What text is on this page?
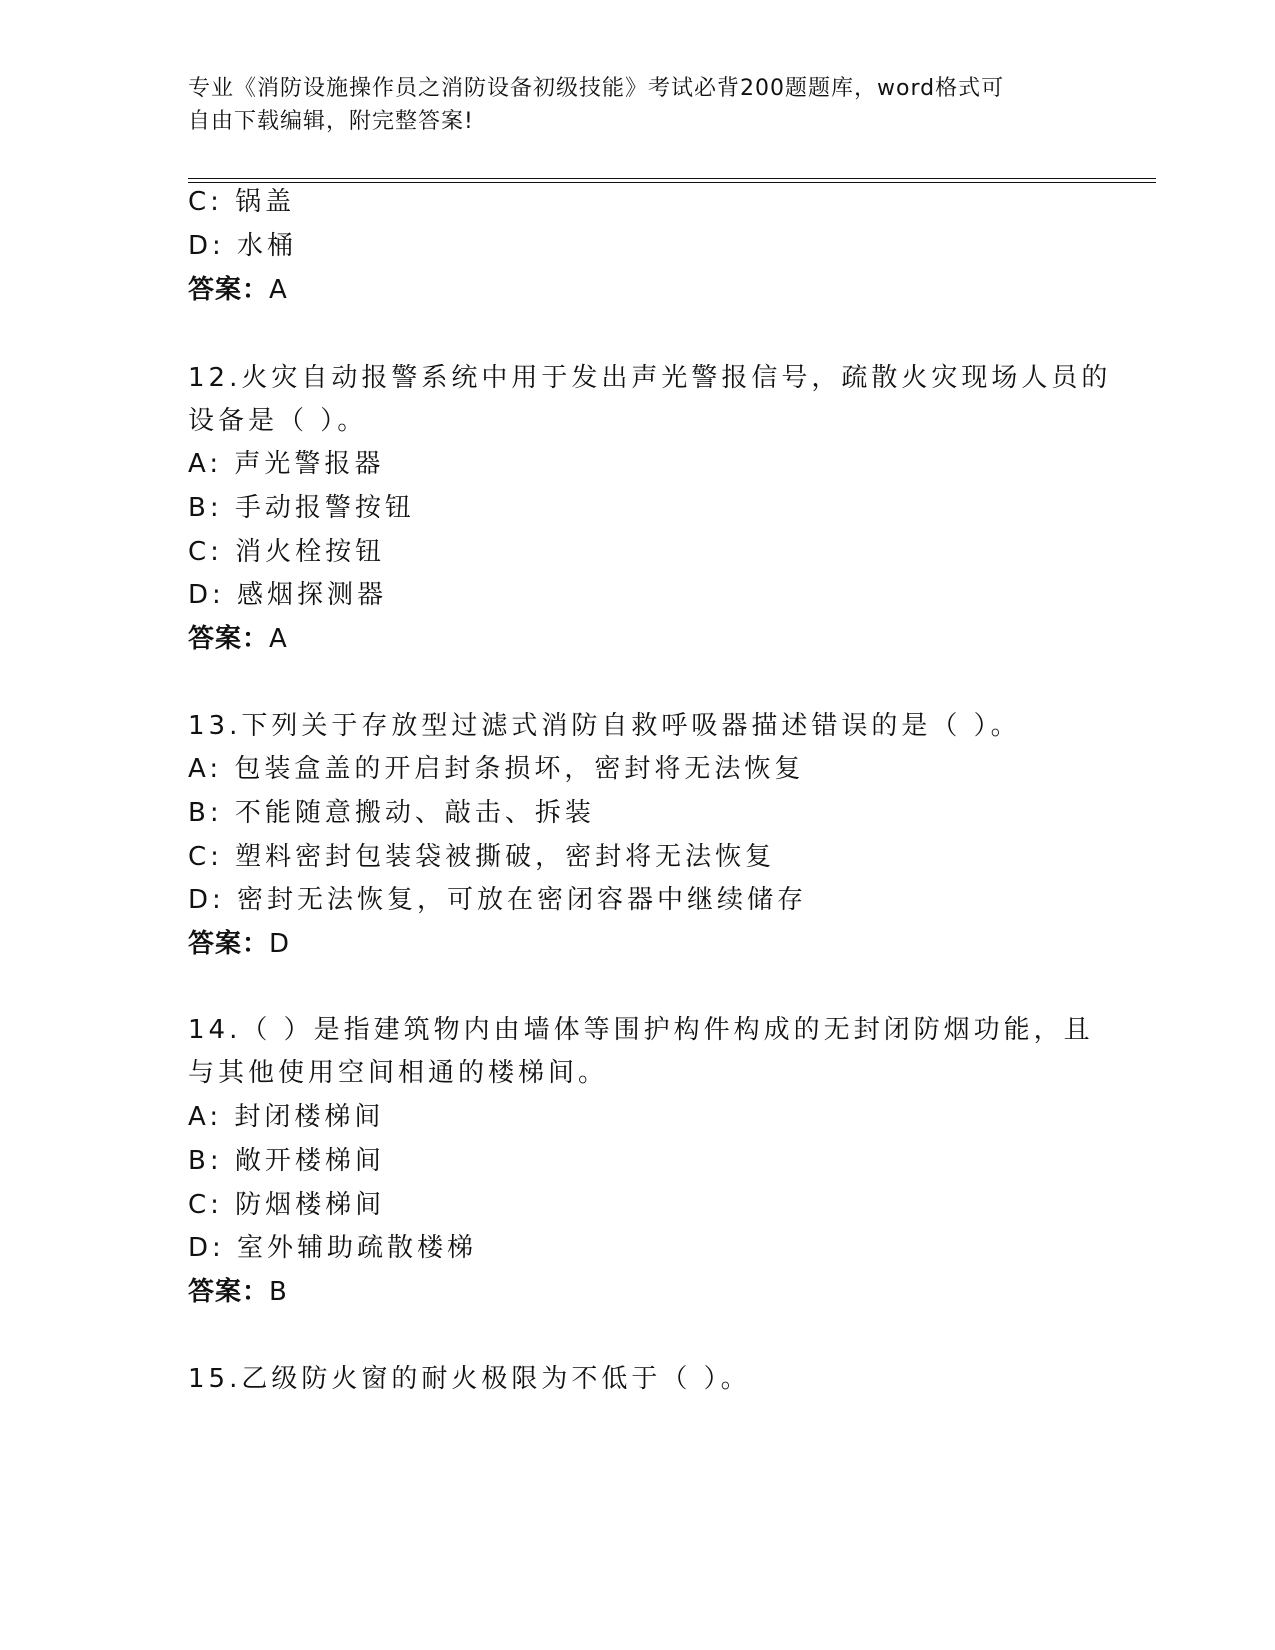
专业《消防设施操作员之消防设备初级技能》考试必背200题题库，word格式可
自由下载编辑，附完整答案!
C: 锅盖
D: 水桶
答案：A
12.火灾自动报警系统中用于发出声光警报信号，疏散火灾现场人员的
设备是（ ）。
A: 声光警报器
B: 手动报警按钮
C: 消火栓按钮
D: 感烟探测器
答案：A
13.下列关于存放型过滤式消防自救呼吸器描述错误的是（ ）。
A: 包装盒盖的开启封条损坏，密封将无法恢复
B: 不能随意搬动、敲击、拆装
C: 塑料密封包装袋被撕破，密封将无法恢复
D: 密封无法恢复，可放在密闭容器中继续储存
答案：D
14.（ ）是指建筑物内由墙体等围护构件构成的无封闭防烟功能，且
与其他使用空间相通的楼梯间。
A: 封闭楼梯间
B: 敞开楼梯间
C: 防烟楼梯间
D: 室外辅助疏散楼梯
答案：B
15.乙级防火窗的耐火极限为不低于（ ）。
